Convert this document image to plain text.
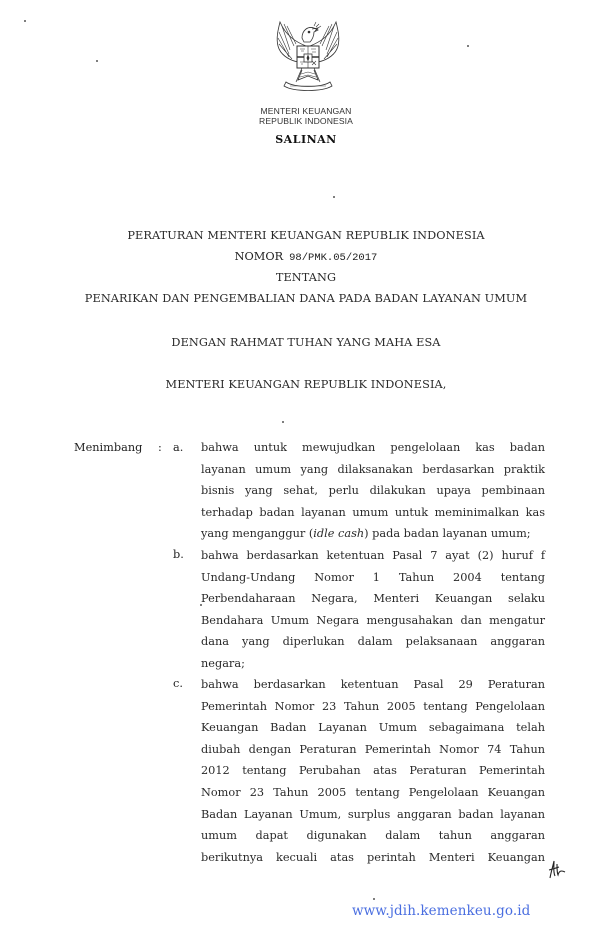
MENTERI KEUANGAN
REPUBLIK INDONESIA
SALINAN
PERATURAN MENTERI KEUANGAN REPUBLIK INDONESIA
NOMOR 98/PMK.05/2017
TENTANG
PENARIKAN DAN PENGEMBALIAN DANA PADA BADAN LAYANAN UMUM
DENGAN RAHMAT TUHAN YANG MAHA ESA
MENTERI KEUANGAN REPUBLIK INDONESIA,
Menimbang : a. bahwa untuk mewujudkan pengelolaan kas badan
layanan umum yang dilaksanakan berdasarkan praktik
bisnis yang sehat, perlu dilakukan upaya pembinaan
terhadap badan layanan umum untuk meminimalkan kas
yang menganggur (idle cash) pada badan layanan umum;
b. bahwa berdasarkan ketentuan Pasal 7 ayat (2) huruf f
Undang-Undang Nomor 1 Tahun 2004 tentang
Perbendaharaan Negara, Menteri Keuangan selaku
Bendahara Umum Negara mengusahakan dan mengatur
dana yang diperlukan dalam pelaksanaan anggaran
negara;
c. bahwa berdasarkan ketentuan Pasal 29 Peraturan
Pemerintah Nomor 23 Tahun 2005 tentang Pengelolaan
Keuangan Badan Layanan Umum sebagaimana telah
diubah dengan Peraturan Pemerintah Nomor 74 Tahun
2012 tentang Perubahan atas Peraturan Pemerintah
Nomor 23 Tahun 2005 tentang Pengelolaan Keuangan
Badan Layanan Umum, surplus anggaran badan layanan
umum dapat digunakan dalam tahun anggaran
berikutnya kecuali atas perintah Menteri Keuangan
www.jdih.kemenkeu.go.id
